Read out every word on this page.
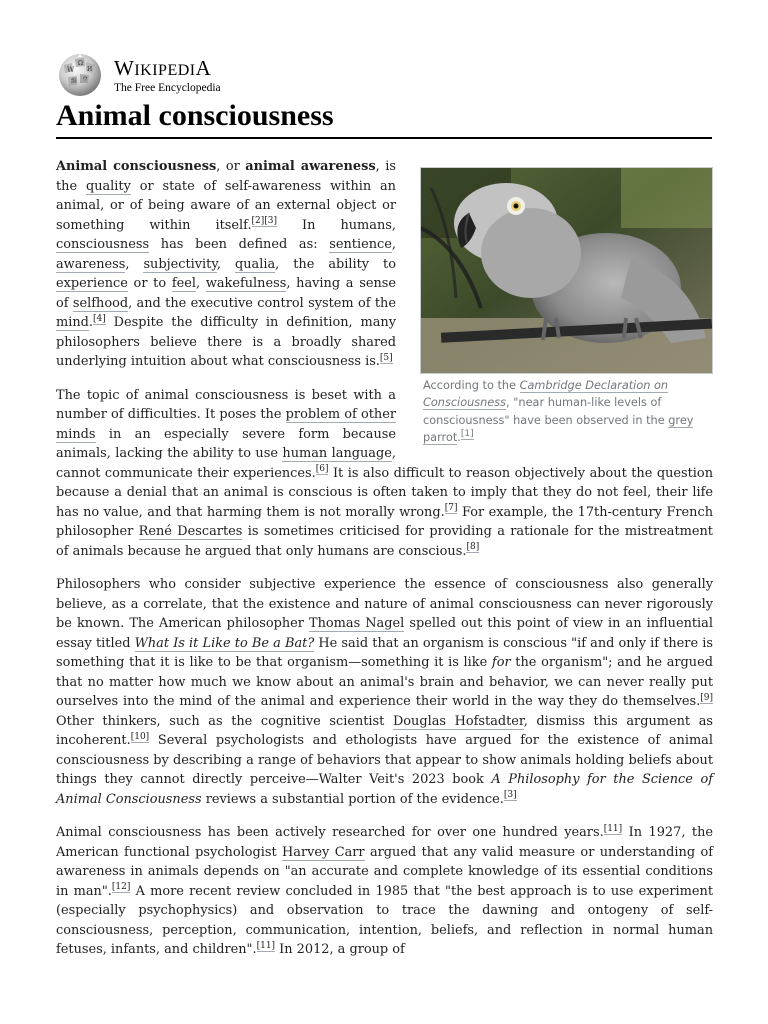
W
Ω
И
維 ウ WIKIPEDIA
The Free Encyclopedia
Animal consciousness
According to the Cambridge Declaration on Consciousness, "near human-like levels of consciousness" have been observed in the grey parrot.[1]

Animal consciousness, or animal awareness, is the quality or state of self-awareness within an animal, or of being aware of an external object or something within itself.[2][3] In humans, consciousness has been defined as: sentience, awareness, subjectivity, qualia, the ability to experience or to feel, wakefulness, having a sense of selfhood, and the executive control system of the mind.[4] Despite the difficulty in definition, many philosophers believe there is a broadly shared underlying intuition about what consciousness is.[5]

The topic of animal consciousness is beset with a number of difficulties. It poses the problem of other minds in an especially severe form because animals, lacking the ability to use human language, cannot communicate their experiences.[6] It is also difficult to reason objectively about the question because a denial that an animal is conscious is often taken to imply that they do not feel, their life has no value, and that harming them is not morally wrong.[7] For example, the 17th-century French philosopher René Descartes is sometimes criticised for providing a rationale for the mistreatment of animals because he argued that only humans are conscious.[8]

Philosophers who consider subjective experience the essence of consciousness also generally believe, as a correlate, that the existence and nature of animal consciousness can never rigorously be known. The American philosopher Thomas Nagel spelled out this point of view in an influential essay titled What Is it Like to Be a Bat? He said that an organism is conscious "if and only if there is something that it is like to be that organism—something it is like for the organism"; and he argued that no matter how much we know about an animal's brain and behavior, we can never really put ourselves into the mind of the animal and experience their world in the way they do themselves.[9] Other thinkers, such as the cognitive scientist Douglas Hofstadter, dismiss this argument as incoherent.[10] Several psychologists and ethologists have argued for the existence of animal consciousness by describing a range of behaviors that appear to show animals holding beliefs about things they cannot directly perceive—Walter Veit's 2023 book A Philosophy for the Science of Animal Consciousness reviews a substantial portion of the evidence.[3]

Animal consciousness has been actively researched for over one hundred years.[11] In 1927, the American functional psychologist Harvey Carr argued that any valid measure or understanding of awareness in animals depends on "an accurate and complete knowledge of its essential conditions in man".[12] A more recent review concluded in 1985 that "the best approach is to use experiment (especially psychophysics) and observation to trace the dawning and ontogeny of self-consciousness, perception, communication, intention, beliefs, and reflection in normal human fetuses, infants, and children".[11] In 2012, a group of
